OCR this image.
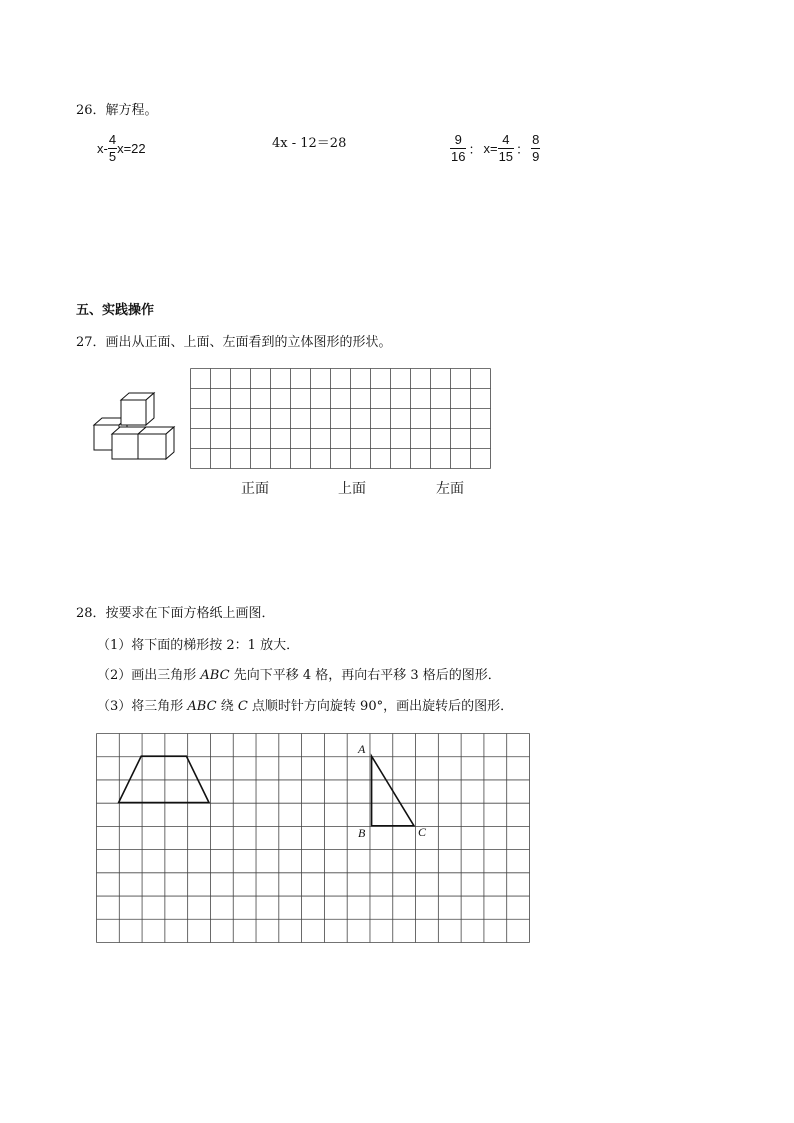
26．解方程。
$x- \frac{4}{5} x=22$	4x - 12＝28	$\frac{9}{16}$ ： $x= \frac{4}{15}$ ： $\frac{8}{9}$
五、实践操作
27．画出从正面、上面、左面看到的立体图形的形状。
正面	上面	左面
28．按要求在下面方格纸上画图．
（1）将下面的梯形按 2：1 放大．
（2）画出三角形 ABC 先向下平移 4 格，再向右平移 3 格后的图形．
（3）将三角形 ABC 绕 C 点顺时针方向旋转 90°，画出旋转后的图形．
A
B	C
